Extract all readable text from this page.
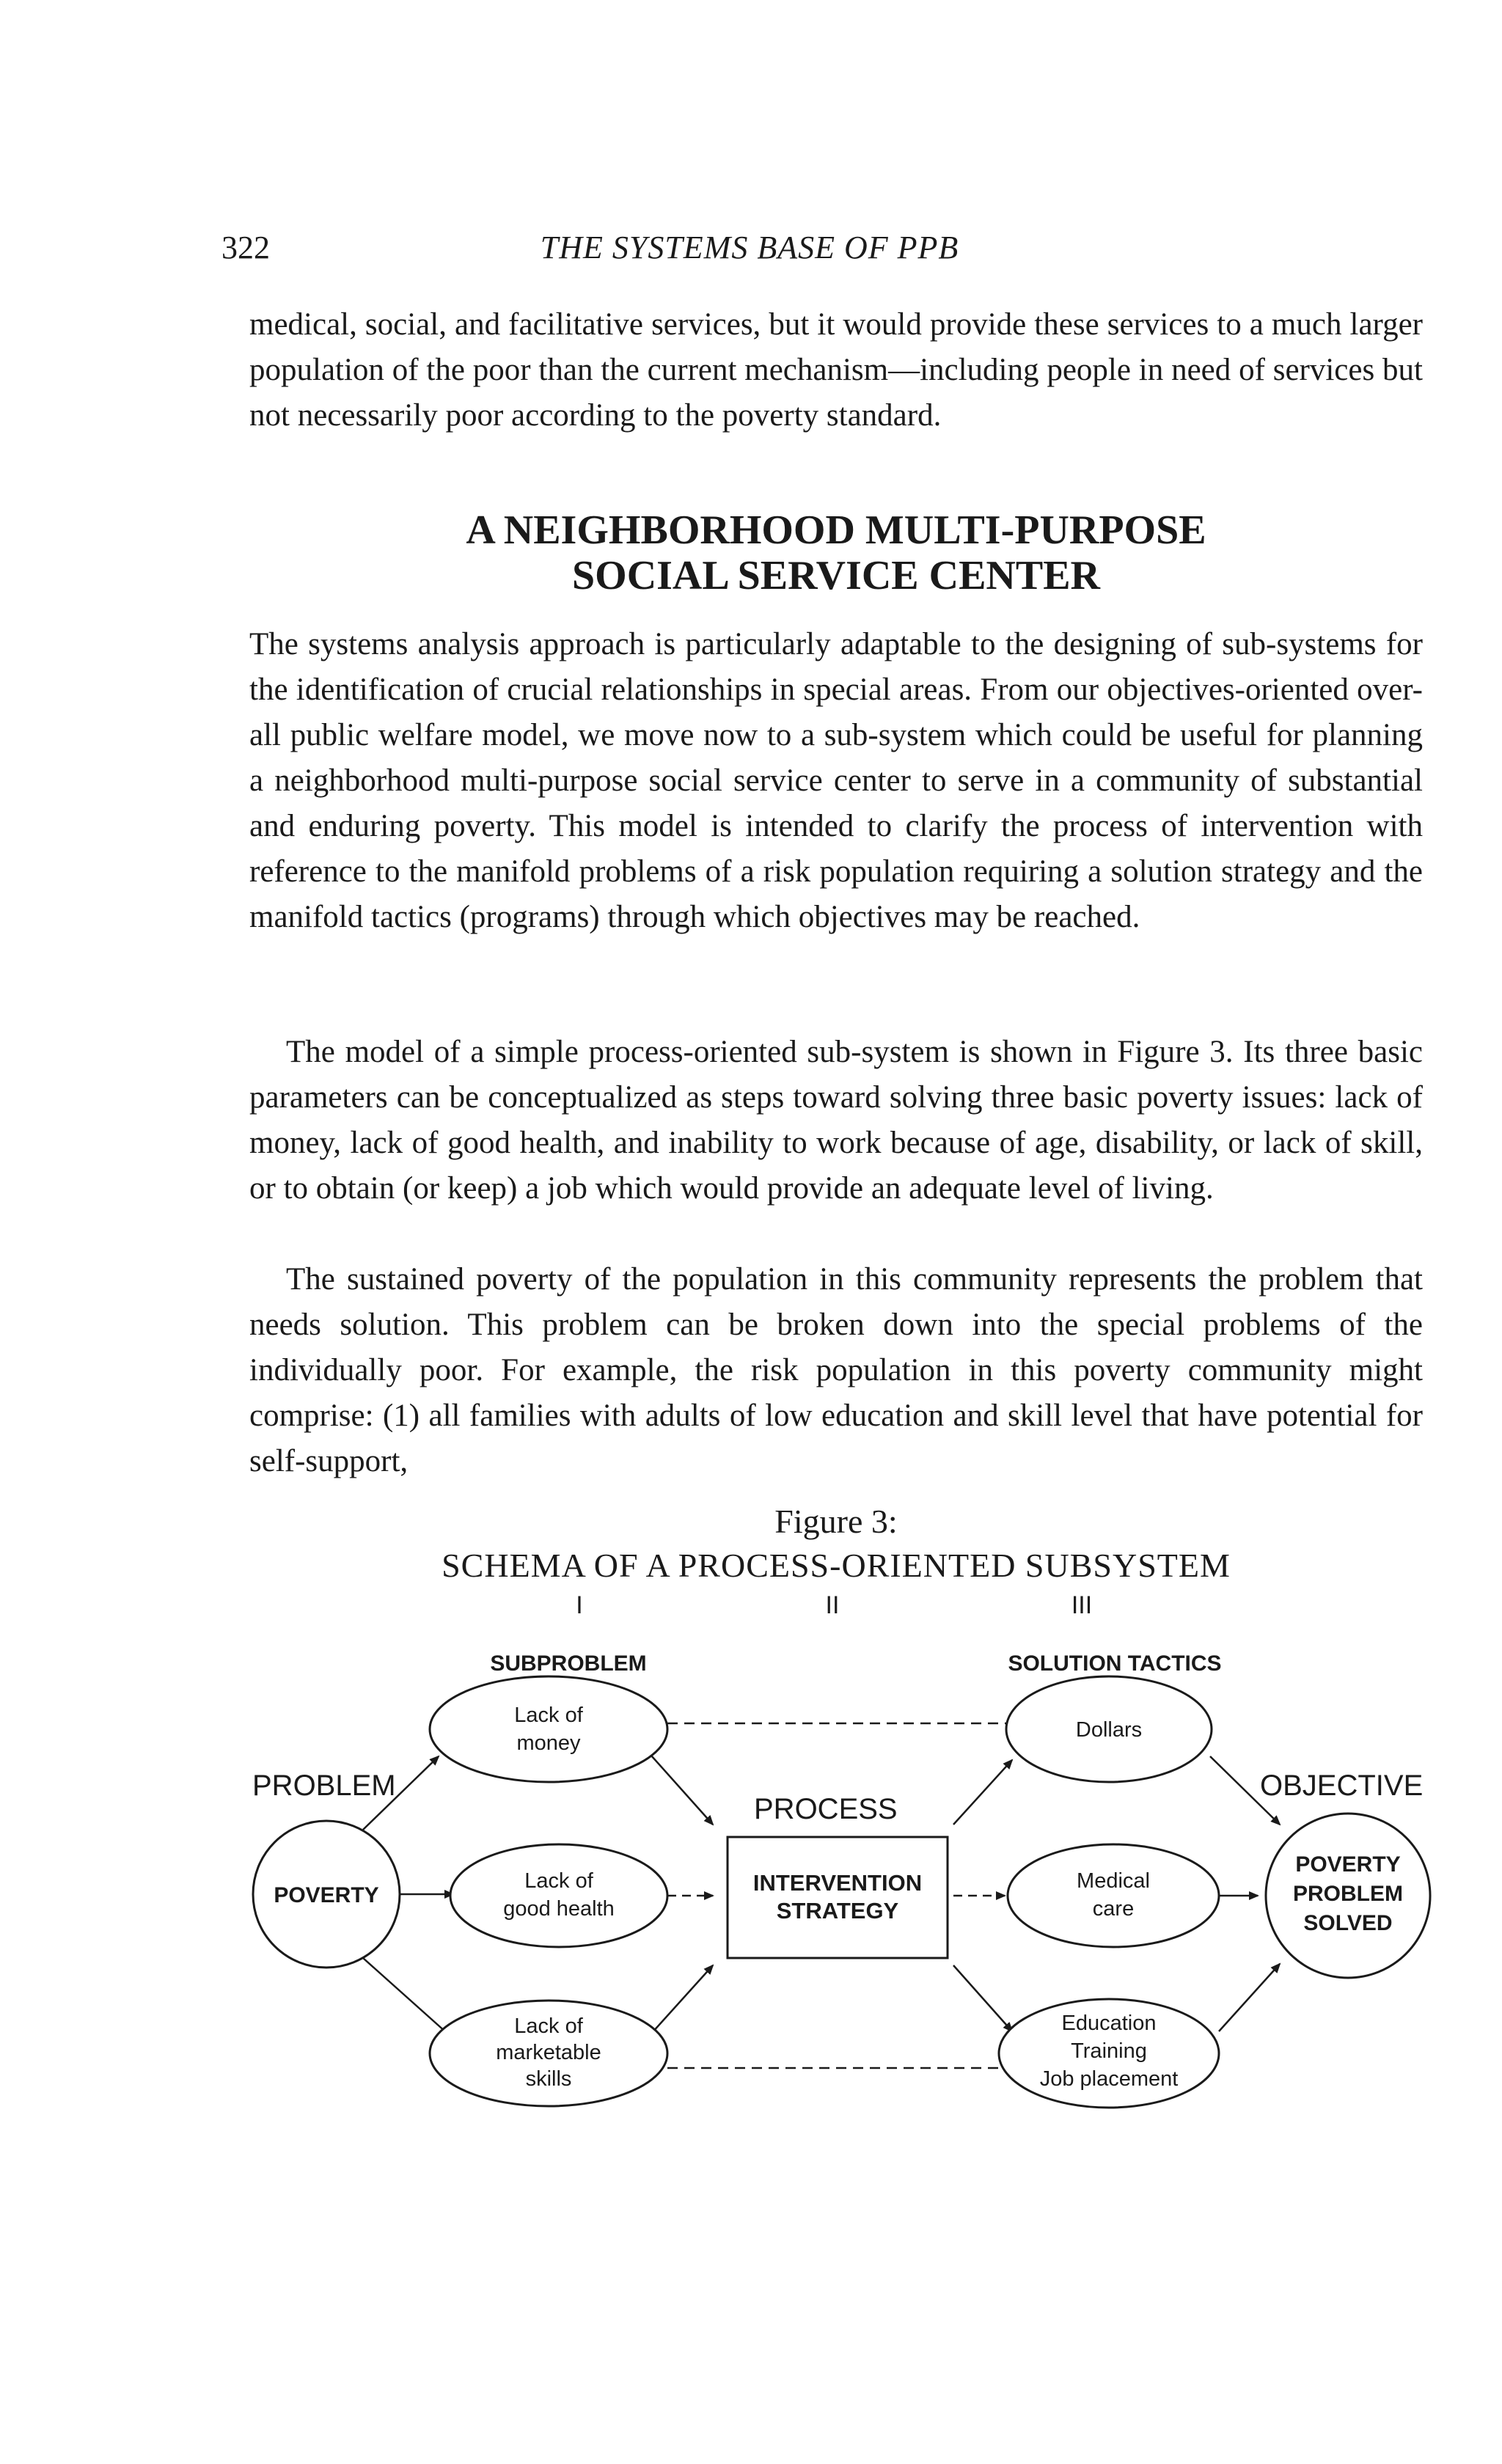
322	THE SYSTEMS BASE OF PPB

medical, social, and facilitative services, but it would provide these services to a much larger population of the poor than the current mechanism—including people in need of services but not necessarily poor according to the poverty standard.

A NEIGHBORHOOD MULTI-PURPOSE
SOCIAL SERVICE CENTER

The systems analysis approach is particularly adaptable to the designing of sub-systems for the identification of crucial relationships in special areas. From our objectives-oriented over-all public welfare model, we move now to a sub-system which could be useful for planning a neighborhood multi-purpose social service center to serve in a community of substantial and enduring poverty. This model is intended to clarify the process of intervention with reference to the manifold problems of a risk population requiring a solution strategy and the manifold tactics (programs) through which objectives may be reached.

The model of a simple process-oriented sub-system is shown in Figure 3. Its three basic parameters can be conceptualized as steps toward solving three basic poverty issues: lack of money, lack of good health, and inability to work because of age, disability, or lack of skill, or to obtain (or keep) a job which would provide an adequate level of living.

The sustained poverty of the population in this community represents the problem that needs solution. This problem can be broken down into the special problems of the individually poor. For example, the risk population in this poverty community might comprise: (1) all families with adults of low education and skill level that have potential for self-support,

Figure 3:
SCHEMA OF A PROCESS-ORIENTED SUBSYSTEM
I	II	III
SUBPROBLEM	SOLUTION TACTICS
PROBLEM
PROCESS
OBJECTIVE
POVERTY
Lack of
money
Lack of
good health
Lack of
marketable
skills
INTERVENTION
STRATEGY
Dollars
Medical
care
Education
Training
Job placement
POVERTY
PROBLEM
SOLVED
